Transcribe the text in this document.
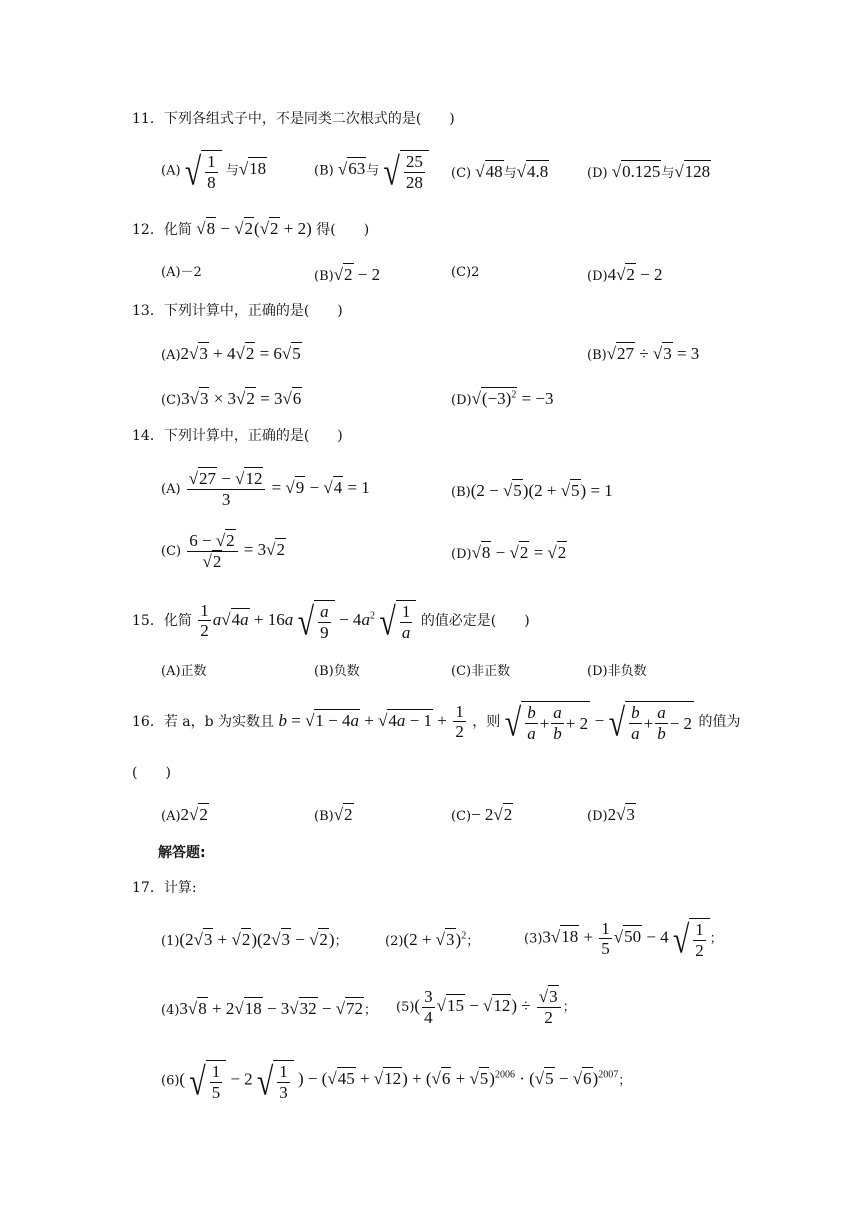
11．下列各组式子中，不是同类二次根式的是(　　)
(A) √ $\frac{1}{8}$ 与√18	(B) √63与 √ $\frac{25}{28} (C)$ √48与√4.8	(D) √0.125与√128
12．化简 √8 − √2(√2 + 2) 得(　　)
(A)－2	(B)√2 − 2	(C)2	(D)4√2 − 2
13．下列计算中，正确的是(　　)
(A)2√3 + 4√2 = 6√5	(B)√27 ÷ √3 = 3
(C)3√3 × 3√2 = 3√6	$(D)√(-3)^2 = -3$
14．下列计算中，正确的是(　　)
$(A) \frac{√27 - √12}{3} = √9 - √4 = 1$	(B)(2 − √5)(2 + √5) = 1
$(C) \frac{6 - √2}{√2} = 3√2$	(D)√8 − √2 = √2
15．化简 $\frac{1}{2} a√4a + 16a$ √ $\frac{a}{9} - 4a^2$ √ $\frac{1}{a}$ 的值必定是(　　)
(A)正数	(B)负数	(C)非正数	(D)非负数
16．若 a，b 为实数且 $b = √1 - 4a + √4a - 1 + \frac{1}{2}$ ，则 √ $\frac{b}{a} + \frac{a}{b} + 2$ − √ $\frac{b}{a} + \frac{a}{b} - 2$ 的值为
(　　)
(A)2√2	(B)√2	(C)− 2√2	(D)2√3
解答题:
17．计算:
(1)(2√3 + √2)(2√3 − √2)；	$(2)(2 + √3)^2$；	$(3)3√18 + \frac{1}{5} √50 - 4$ √ $\frac{1}{2}$ ；
(4)3√8 + 2√18 − 3√32 − √72； $(5)( \frac{3}{4} √15 - √12) \div \frac{√3}{2}$ ；
(6)( √ $\frac{1}{5} - 2$ √ $\frac{1}{3}$ ) − $(√45 + √12) + (√6 + √5)^{2006} \cdot (√5 - √6)^{2007}$；
